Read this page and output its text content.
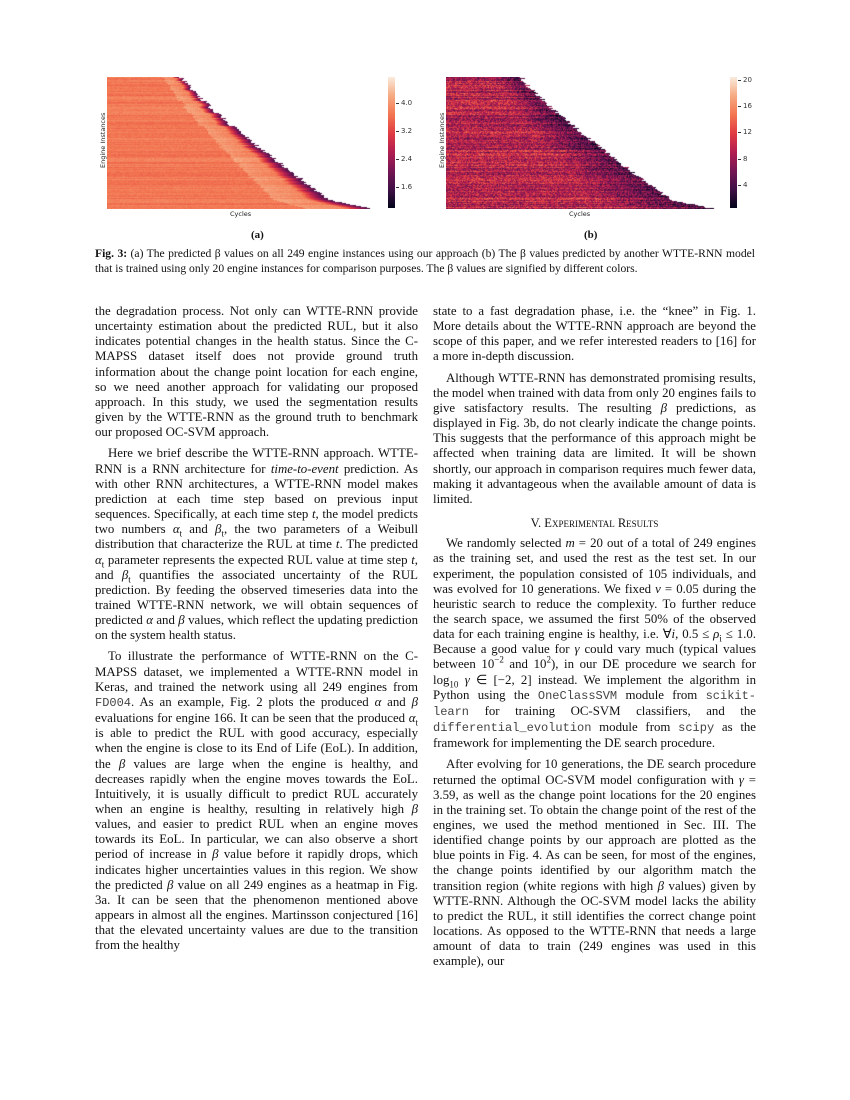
4.0
3.2
2.4
1.6
Engine Instances
Cycles
(a)
20
16
12
8
4
Engine Instances
Cycles
(b)
Fig. 3: (a) The predicted β values on all 249 engine instances using our approach (b) The β values predicted by another WTTE-RNN model that is trained using only 20 engine instances for comparison purposes. The β values are signified by different colors.

the degradation process. Not only can WTTE-RNN provide uncertainty estimation about the predicted RUL, but it also indicates potential changes in the health status. Since the C-MAPSS dataset itself does not provide ground truth information about the change point location for each engine, so we need another approach for validating our proposed approach. In this study, we used the segmentation results given by the WTTE-RNN as the ground truth to benchmark our proposed OC-SVM approach.

Here we brief describe the WTTE-RNN approach. WTTE-RNN is a RNN architecture for time-to-event prediction. As with other RNN architectures, a WTTE-RNN model makes prediction at each time step based on previous input sequences. Specifically, at each time step t, the model predicts two numbers $\alpha_t$ and $\beta_t$, the two parameters of a Weibull distribution that characterize the RUL at time t. The predicted $\alpha_t$ parameter represents the expected RUL value at time step t, and $\beta_t$ quantifies the associated uncertainty of the RUL prediction. By feeding the observed timeseries data into the trained WTTE-RNN network, we will obtain sequences of predicted α and β values, which reflect the updating prediction on the system health status.

To illustrate the performance of WTTE-RNN on the C-MAPSS dataset, we implemented a WTTE-RNN model in Keras, and trained the network using all 249 engines from FD004. As an example, Fig. 2 plots the produced α and β evaluations for engine 166. It can be seen that the produced $\alpha_t$ is able to predict the RUL with good accuracy, especially when the engine is close to its End of Life (EoL). In addition, the β values are large when the engine is healthy, and decreases rapidly when the engine moves towards the EoL. Intuitively, it is usually difficult to predict RUL accurately when an engine is healthy, resulting in relatively high β values, and easier to predict RUL when an engine moves towards its EoL. In particular, we can also observe a short period of increase in β value before it rapidly drops, which indicates higher uncertainties values in this region. We show the predicted β value on all 249 engines as a heatmap in Fig. 3a. It can be seen that the phenomenon mentioned above appears in almost all the engines. Martinsson conjectured [16] that the elevated uncertainty values are due to the transition from the healthy

state to a fast degradation phase, i.e. the “knee” in Fig. 1. More details about the WTTE-RNN approach are beyond the scope of this paper, and we refer interested readers to [16] for a more in-depth discussion.

Although WTTE-RNN has demonstrated promising results, the model when trained with data from only 20 engines fails to give satisfactory results. The resulting β predictions, as displayed in Fig. 3b, do not clearly indicate the change points. This suggests that the performance of this approach might be affected when training data are limited. It will be shown shortly, our approach in comparison requires much fewer data, making it advantageous when the available amount of data is limited.

V. Experimental Results

We randomly selected m = 20 out of a total of 249 engines as the training set, and used the rest as the test set. In our experiment, the population consisted of 105 individuals, and was evolved for 10 generations. We fixed ν = 0.05 during the heuristic search to reduce the complexity. To further reduce the search space, we assumed the first 50% of the observed data for each training engine is healthy, i.e. ∀i, $0.5 \le \rho_i \le 1.0$. Because a good value for γ could vary much (typical values between $10^{-2}$ and $10^2$), in our DE procedure we search for $\log_{10} \gamma$ ∈ [−2, 2] instead. We implement the algorithm in Python using the OneClassSVM module from scikit-learn for training OC-SVM classifiers, and the differential_evolution module from scipy as the framework for implementing the DE search procedure.

After evolving for 10 generations, the DE search procedure returned the optimal OC-SVM model configuration with γ = 3.59, as well as the change point locations for the 20 engines in the training set. To obtain the change point of the rest of the engines, we used the method mentioned in Sec. III. The identified change points by our approach are plotted as the blue points in Fig. 4. As can be seen, for most of the engines, the change points identified by our algorithm match the transition region (white regions with high β values) given by WTTE-RNN. Although the OC-SVM model lacks the ability to predict the RUL, it still identifies the correct change point locations. As opposed to the WTTE-RNN that needs a large amount of data to train (249 engines was used in this example), our
